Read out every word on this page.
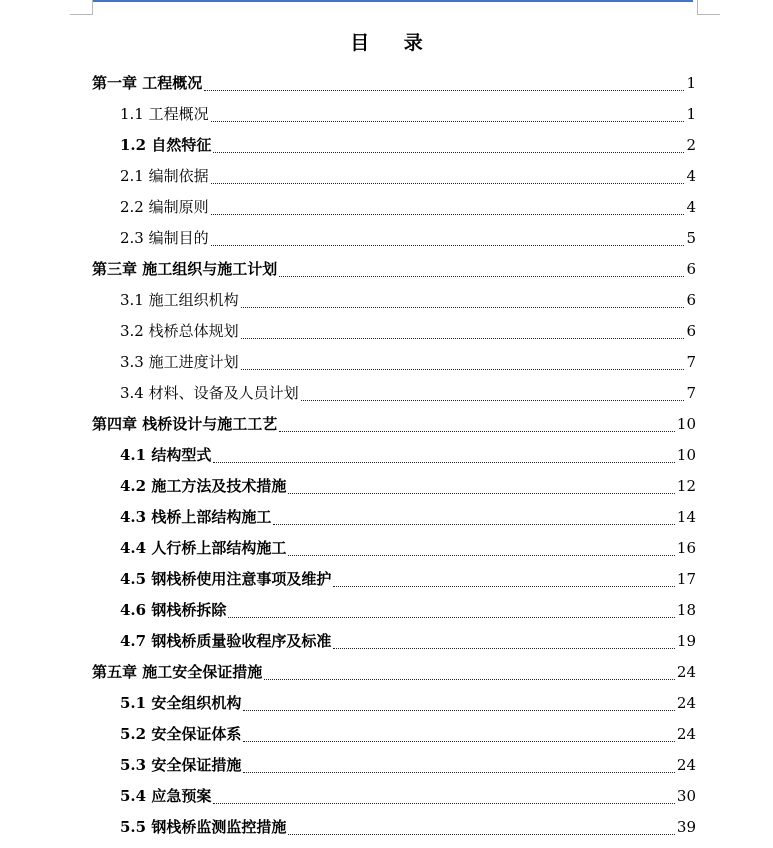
目 录
第一章 工程概况	1
1.1 工程概况	1
1.2 自然特征	2
2.1 编制依据	4
2.2 编制原则	4
2.3 编制目的	5
第三章 施工组织与施工计划	6
3.1 施工组织机构	6
3.2 栈桥总体规划	6
3.3 施工进度计划	7
3.4 材料、设备及人员计划	7
第四章 栈桥设计与施工工艺	10
4.1 结构型式	10
4.2 施工方法及技术措施	12
4.3 栈桥上部结构施工	14
4.4 人行桥上部结构施工	16
4.5 钢栈桥使用注意事项及维护	17
4.6 钢栈桥拆除	18
4.7 钢栈桥质量验收程序及标准	19
第五章 施工安全保证措施	24
5.1 安全组织机构	24
5.2 安全保证体系	24
5.3 安全保证措施	24
5.4 应急预案	30
5.5 钢栈桥监测监控措施	39
